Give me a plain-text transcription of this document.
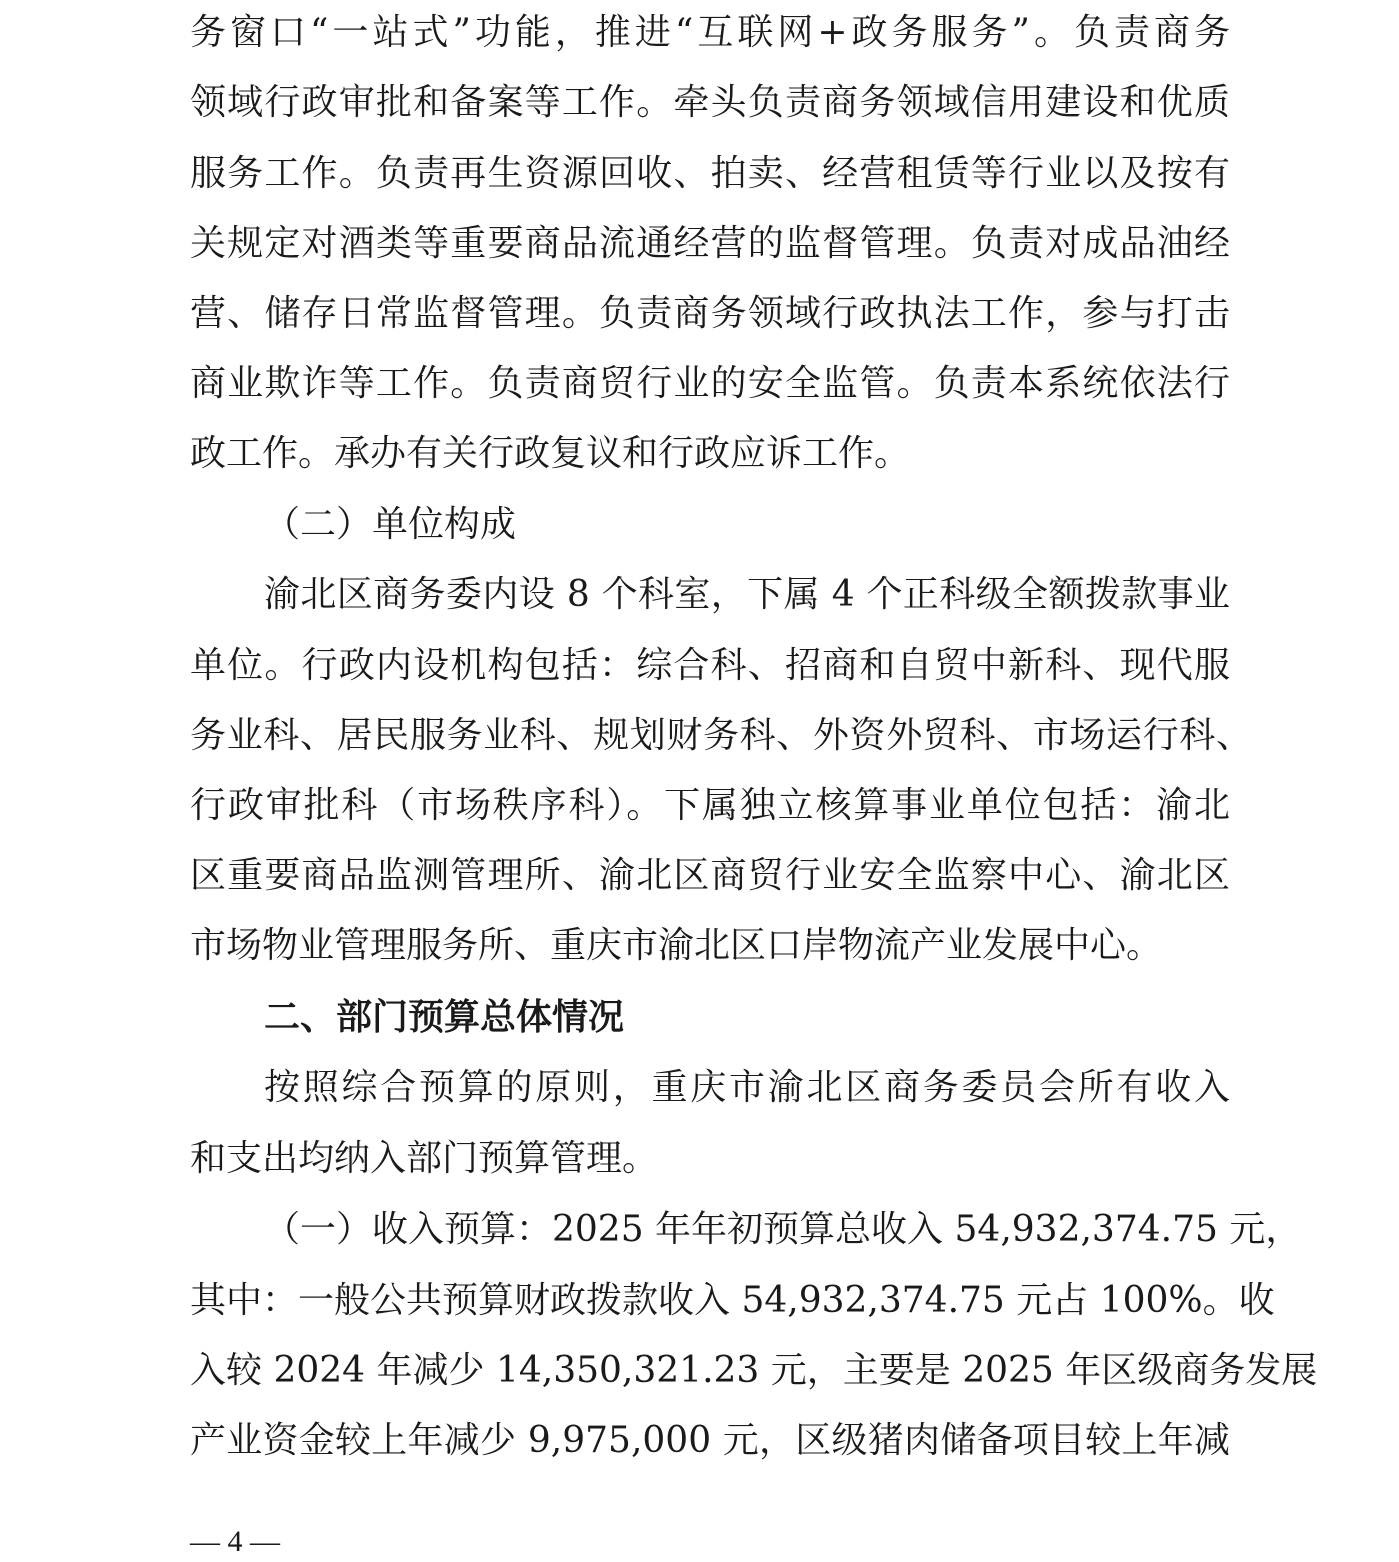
务窗口“一站式”功能，推进“互联网+政务服务”。负责商务
领域行政审批和备案等工作。牵头负责商务领域信用建设和优质
服务工作。负责再生资源回收、拍卖、经营租赁等行业以及按有
关规定对酒类等重要商品流通经营的监督管理。负责对成品油经
营、储存日常监督管理。负责商务领域行政执法工作，参与打击
商业欺诈等工作。负责商贸行业的安全监管。负责本系统依法行
政工作。承办有关行政复议和行政应诉工作。
（二）单位构成
渝北区商务委内设 8 个科室，下属 4 个正科级全额拨款事业
单位。行政内设机构包括：综合科、招商和自贸中新科、现代服
务业科、居民服务业科、规划财务科、外资外贸科、市场运行科、
行政审批科（市场秩序科）。下属独立核算事业单位包括：渝北
区重要商品监测管理所、渝北区商贸行业安全监察中心、渝北区
市场物业管理服务所、重庆市渝北区口岸物流产业发展中心。
二、部门预算总体情况
按照综合预算的原则，重庆市渝北区商务委员会所有收入
和支出均纳入部门预算管理。
（一）收入预算：2025 年年初预算总收入 54,932,374.75 元，
其中：一般公共预算财政拨款收入 54,932,374.75 元占 100%。收
入较 2024 年减少 14,350,321.23 元，主要是 2025 年区级商务发展
产业资金较上年减少 9,975,000 元，区级猪肉储备项目较上年减
— 4 —
